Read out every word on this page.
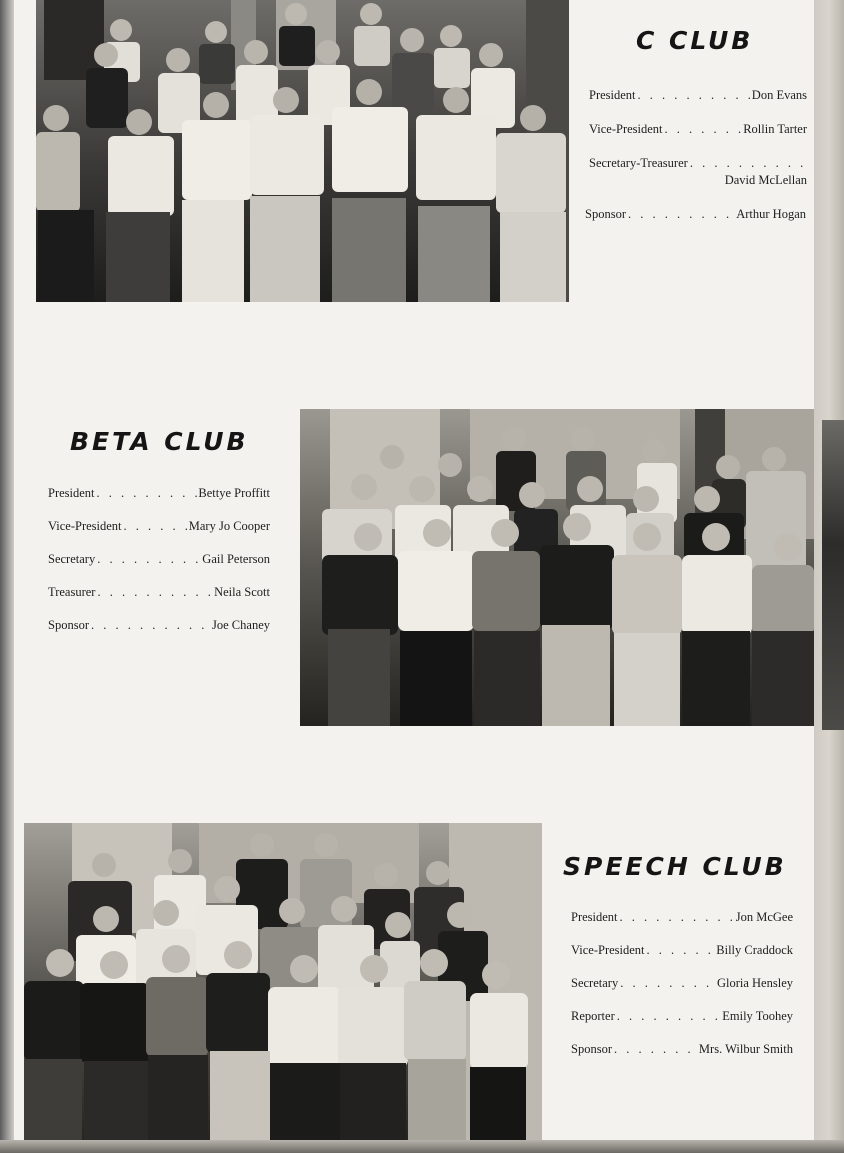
C CLUB
President . . .	Don Evans
Vice-President . . .	Rollin Tarter
Secretary-Treasurer
. . .
David McLellan
Sponsor . . .	Arthur Hogan
BETA CLUB
President . . .	Bettye Proffitt
Vice-President . . .	Mary Jo Cooper
Secretary . . .	Gail Peterson
Treasurer . . .	Neila Scott
Sponsor . . .	Joe Chaney
SPEECH CLUB
President . . .	Jon McGee
Vice-President . . .	Billy Craddock
Secretary . . .	Gloria Hensley
Reporter . . .	Emily Toohey
Sponsor . . .	Mrs. Wilbur Smith
